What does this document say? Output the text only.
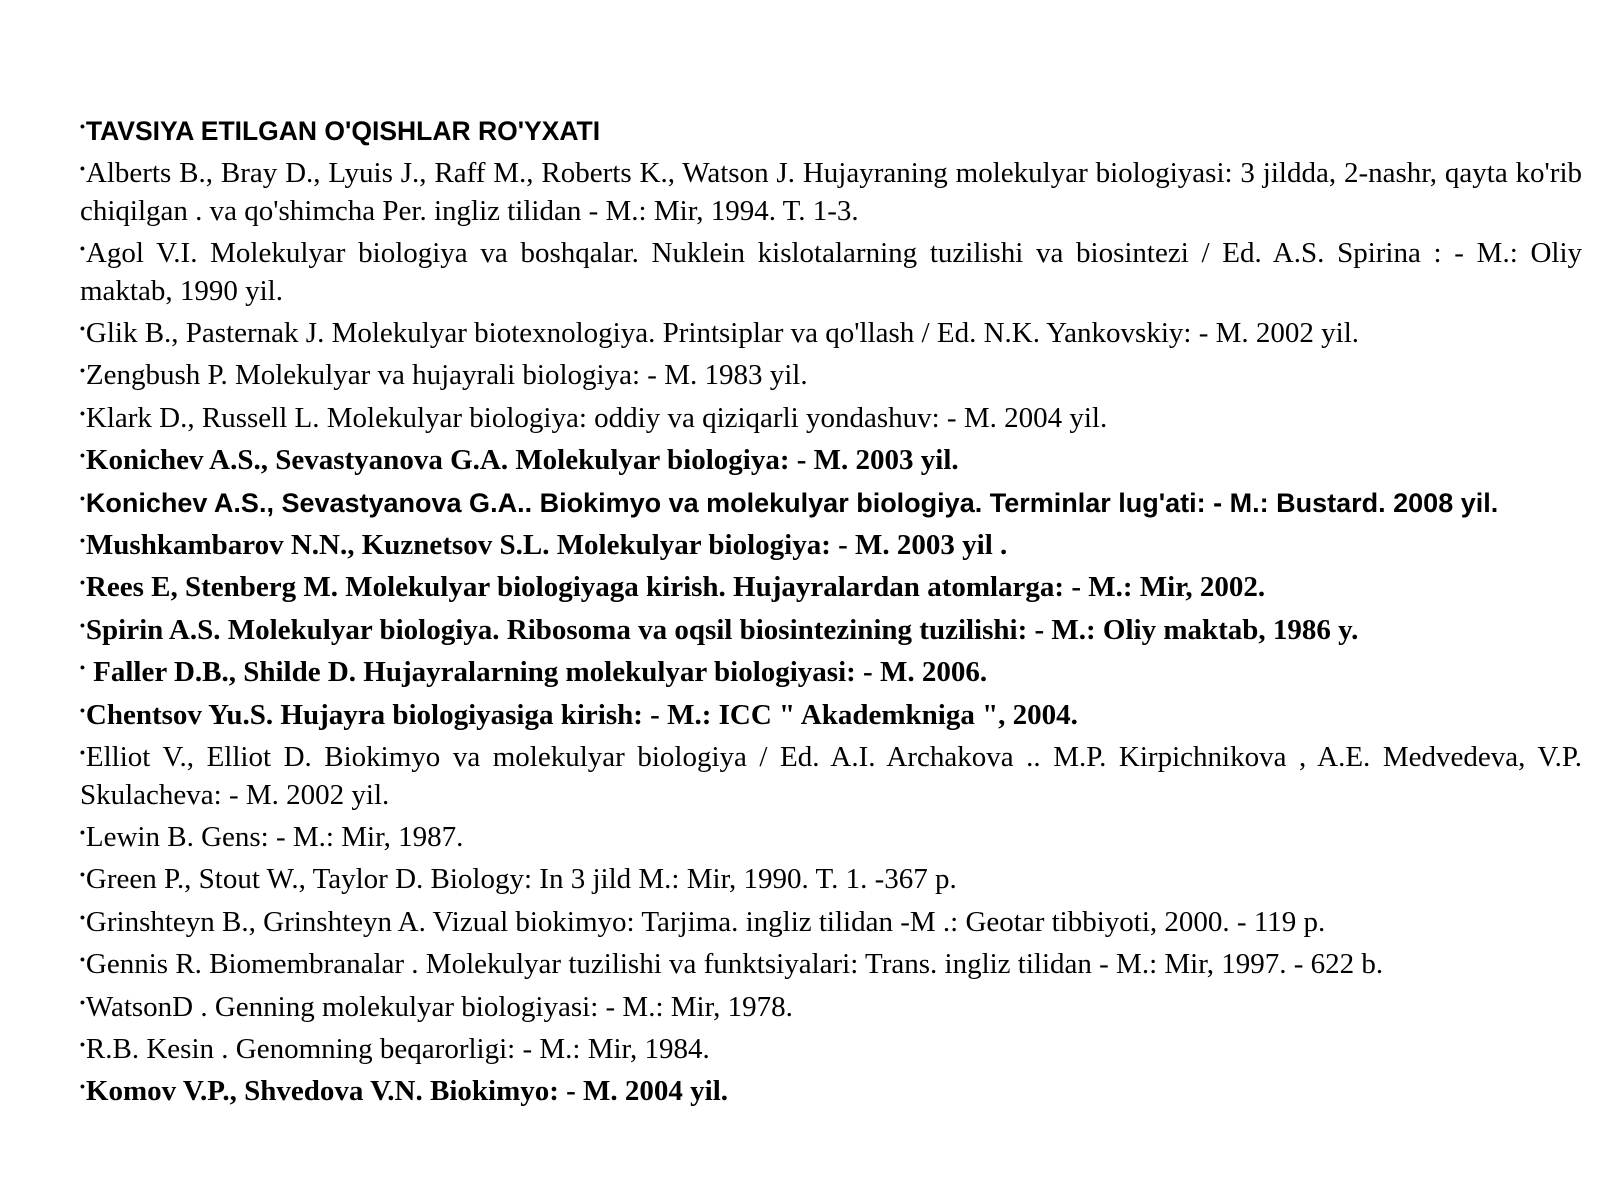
•TAVSIYA ETILGAN O'QISHLAR RO'YXATI

•Alberts B., Bray D., Lyuis J., Raff M., Roberts K., Watson J. Hujayraning molekulyar biologiyasi: 3 jildda, 2-nashr, qayta ko'rib chiqilgan . va qo'shimcha Per. ingliz tilidan - M.: Mir, 1994. T. 1-3.

•Agol V.I. Molekulyar biologiya va boshqalar. Nuklein kislotalarning tuzilishi va biosintezi / Ed. A.S. Spirina : - M.: Oliy maktab, 1990 yil.

•Glik B., Pasternak J. Molekulyar biotexnologiya. Printsiplar va qo'llash / Ed. N.K. Yankovskiy: - M. 2002 yil.

•Zengbush P. Molekulyar va hujayrali biologiya: - M. 1983 yil.

•Klark D., Russell L. Molekulyar biologiya: oddiy va qiziqarli yondashuv: - M. 2004 yil.

•Konichev A.S., Sevastyanova G.A. Molekulyar biologiya: - M. 2003 yil.

•Konichev A.S., Sevastyanova G.A.. Biokimyo va molekulyar biologiya. Terminlar lug'ati: - M.: Bustard. 2008 yil.

•Mushkambarov N.N., Kuznetsov S.L. Molekulyar biologiya: - M. 2003 yil .

•Rees E, Stenberg M. Molekulyar biologiyaga kirish. Hujayralardan atomlarga: - M.: Mir, 2002.

•Spirin A.S. Molekulyar biologiya. Ribosoma va oqsil biosintezining tuzilishi: - M.: Oliy maktab, 1986 y.

• Faller D.B., Shilde D. Hujayralarning molekulyar biologiyasi: - M. 2006.

•Chentsov Yu.S. Hujayra biologiyasiga kirish: - M.: ICC " Akademkniga ", 2004.

•Elliot V., Elliot D. Biokimyo va molekulyar biologiya / Ed. A.I. Archakova .. M.P. Kirpichnikova , A.E. Medvedeva, V.P. Skulacheva: - M. 2002 yil.

•Lewin B. Gens: - M.: Mir, 1987.

•Green P., Stout W., Taylor D. Biology: In 3 jild M.: Mir, 1990. T. 1. -367 p.

•Grinshteyn B., Grinshteyn A. Vizual biokimyo: Tarjima. ingliz tilidan -M .: Geotar tibbiyoti, 2000. - 119 p.

•Gennis R. Biomembranalar . Molekulyar tuzilishi va funktsiyalari: Trans. ingliz tilidan - M.: Mir, 1997. - 622 b.

•WatsonD . Genning molekulyar biologiyasi: - M.: Mir, 1978.

•R.B. Kesin . Genomning beqarorligi: - M.: Mir, 1984.

•Komov V.P., Shvedova V.N. Biokimyo: - M. 2004 yil.
